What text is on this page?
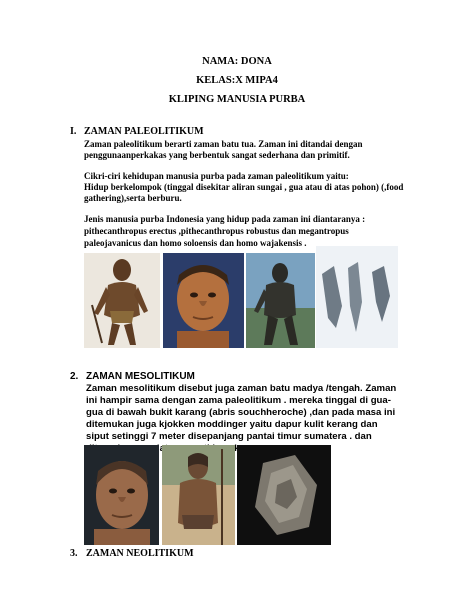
NAMA: DONA
KELAS:X MIPA4
KLIPING MANUSIA PURBA
I. ZAMAN PALEOLITIKUM
Zaman paleolitikum berarti zaman batu tua. Zaman ini ditandai dengan
penggunaanperkakas yang berbentuk sangat sederhana dan primitif.
Cikri-ciri kehidupan manusia purba pada zaman paleolitikum yaitu:
Hidup berkelompok (tinggal disekitar aliran sungai , gua atau di atas pohon) (,food
gathering),serta berburu.
Jenis manusia purba Indonesia yang hidup pada zaman ini diantaranya :
pithecanthropus erectus ,pithecanthropus robustus dan megantropus
paleojavanicus dan homo soloensis dan homo wajakensis .
2. ZAMAN MESOLITIKUM
Zaman mesolitikum disebut juga zaman batu madya /tengah. Zaman
ini hampir sama dengan zama paleolitikum . mereka tinggal di gua-
gua di bawah bukit karang (abris souchheroche) ,dan pada masa ini
ditemukan juga kjokken moddinger yaitu dapur kulit kerang dan
siput setinggi 7 meter disepanjang pantai timur sumatera . dan
3. ZAMAN NEOLITIKUM
